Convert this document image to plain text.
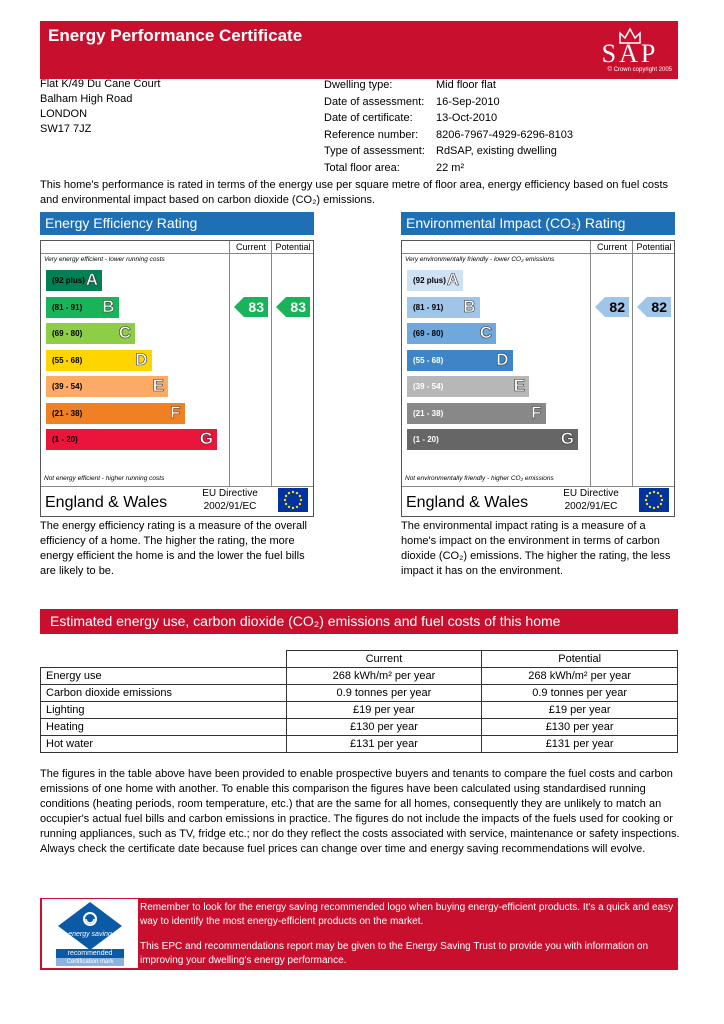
Energy Performance Certificate
SAP
© Crown copyright 2005
Flat K/49 Du Cane Court
Balham High Road
LONDON
SW17 7JZ
Dwelling type:	Mid floor flat
Date of assessment:	16-Sep-2010
Date of certificate:	13-Oct-2010
Reference number:	8206-7967-4929-6296-8103
Type of assessment:	RdSAP, existing dwelling
Total floor area:	22 m²
This home's performance is rated in terms of the energy use per square metre of floor area, energy efficiency based on fuel costs and environmental impact based on carbon dioxide (CO₂) emissions.
Energy Efficiency Rating
Current	Potential
Very energy efficient - lower running costs
(92 plus) A
(81 - 91) B
(69 - 80) C
(55 - 68)	D
(39 - 54)	E
(21 - 38)	F
(1 - 20)	G
Not energy efficient - higher running costs
83 83
England & Wales
EU Directive
2002/91/EC
The energy efficiency rating is a measure of the overall efficiency of a home. The higher the rating, the more energy efficient the home is and the lower the fuel bills are likely to be.
Environmental Impact (CO₂) Rating
Current	Potential
Very environmentally friendly - lower CO₂ emissions
(92 plus) A
(81 - 91) B
(69 - 80) C
(55 - 68)	D
(39 - 54)	E
(21 - 38)	F
(1 - 20)	G
Not environmentally friendly - higher CO₂ emissions
82 82
England & Wales
EU Directive
2002/91/EC
The environmental impact rating is a measure of a home's impact on the environment in terms of carbon dioxide (CO₂) emissions. The higher the rating, the less impact it has on the environment.
Estimated energy use, carbon dioxide (CO₂) emissions and fuel costs of this home
	Current	Potential
Energy use	268 kWh/m² per year	268 kWh/m² per year
Carbon dioxide emissions	0.9 tonnes per year	0.9 tonnes per year
Lighting	£19 per year	£19 per year
Heating	£130 per year	£130 per year
Hot water	£131 per year	£131 per year
The figures in the table above have been provided to enable prospective buyers and tenants to compare the fuel costs and carbon emissions of one home with another. To enable this comparison the figures have been calculated using standardised running conditions (heating periods, room temperature, etc.) that are the same for all homes, consequently they are unlikely to match an occupier's actual fuel bills and carbon emissions in practice. The figures do not include the impacts of the fuels used for cooking or running appliances, such as TV, fridge etc.; nor do they reflect the costs associated with service, maintenance or safety inspections. Always check the certificate date because fuel prices can change over time and energy saving recommendations will evolve.
energy saving
recommended
Certification mark

Remember to look for the energy saving recommended logo when buying energy-efficient products. It's a quick and easy way to identify the most energy-efficient products on the market.

This EPC and recommendations report may be given to the Energy Saving Trust to provide you with information on improving your dwelling's energy performance.
